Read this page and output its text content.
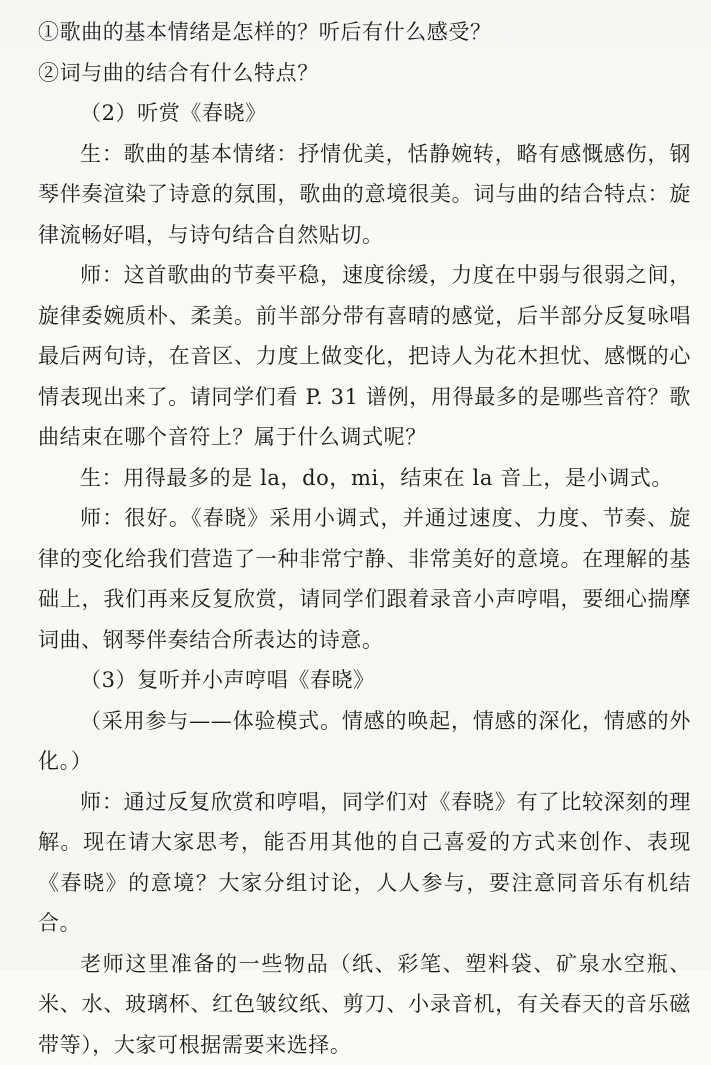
①歌曲的基本情绪是怎样的？听后有什么感受？

②词与曲的结合有什么特点？

（2）听赏《春晓》

生：歌曲的基本情绪：抒情优美，恬静婉转，略有感慨感伤，钢琴伴奏渲染了诗意的氛围，歌曲的意境很美。词与曲的结合特点：旋律流畅好唱，与诗句结合自然贴切。

师：这首歌曲的节奏平稳，速度徐缓，力度在中弱与很弱之间，旋律委婉质朴、柔美。前半部分带有喜晴的感觉，后半部分反复咏唱最后两句诗，在音区、力度上做变化，把诗人为花木担忧、感慨的心情表现出来了。请同学们看 P. 31 谱例，用得最多的是哪些音符？歌曲结束在哪个音符上？属于什么调式呢？

生：用得最多的是 la，do，mi，结束在 la 音上，是小调式。

师：很好。《春晓》采用小调式，并通过速度、力度、节奏、旋律的变化给我们营造了一种非常宁静、非常美好的意境。在理解的基础上，我们再来反复欣赏，请同学们跟着录音小声哼唱，要细心揣摩词曲、钢琴伴奏结合所表达的诗意。

（3）复听并小声哼唱《春晓》

（采用参与——体验模式。情感的唤起，情感的深化，情感的外化。）

师：通过反复欣赏和哼唱，同学们对《春晓》有了比较深刻的理解。现在请大家思考，能否用其他的自己喜爱的方式来创作、表现《春晓》的意境？大家分组讨论，人人参与，要注意同音乐有机结合。

老师这里准备的一些物品（纸、彩笔、塑料袋、矿泉水空瓶、米、水、玻璃杯、红色皱纹纸、剪刀、小录音机，有关春天的音乐磁带等），大家可根据需要来选择。
